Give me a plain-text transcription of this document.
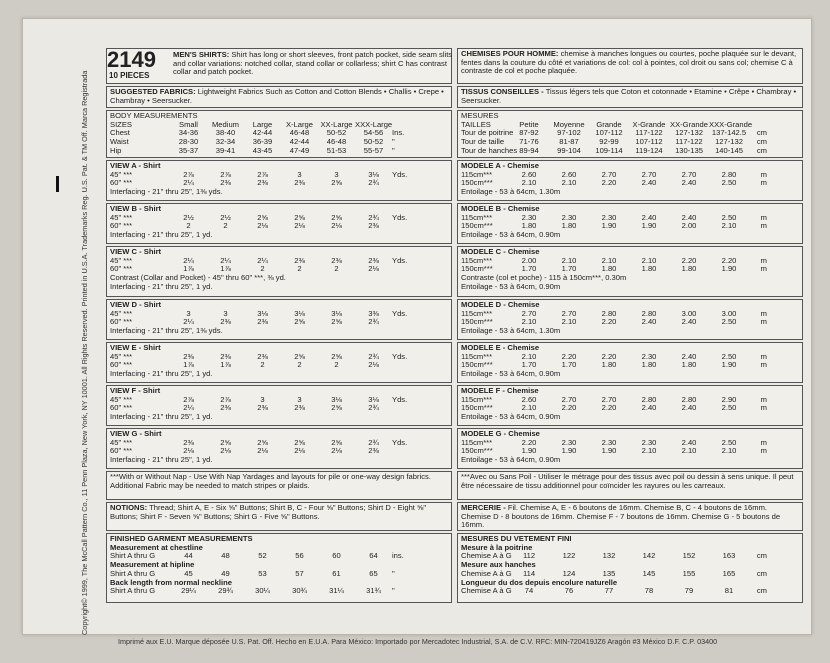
Copyright© 1999, The McCall Pattern Co., 11 Penn Plaza, New York, NY 10001. All Rights Reserved. Printed in U.S.A. Trademarks Reg. U.S. Pat. & TM Off. Marca Registrada
2149
10 PIECES
MEN'S SHIRTS: Shirt has long or short sleeves, front patch pocket, side seam slits and collar variations: notched collar, stand collar or collarless; shirt C has contrast collar and patch pocket.
SUGGESTED FABRICS: Lightweight Fabrics Such as Cotton and Cotton Blends • Challis • Crepe • Chambray • Seersucker.
BODY MEASUREMENTS
SIZES	Small	Medium	Large	X-Large XX-Large XXX-Large
Chest	34-36	38-40	42-44	46-48	50-52	54-56	Ins.
Waist	28-30	32-34	36-39	42-44	46-48	50-52	"
Hip	35-37	39-41	43-45	47-49	51-53	55-57	"
VIEW A - Shirt
45" ***	2⅞	2⅞	2⅞	3	3	3⅛	Yds.
60" ***	2¼	2⅜	2⅜	2⅜	2⅝	2¾
Interfacing - 21" thru 25", 1⅜ yds.
VIEW B - Shirt
45" ***	2½	2½	2⅝	2⅝	2⅝	2¾	Yds.
60" ***	2	2	2⅛	2⅛	2⅛	2⅜
Interfacing - 21" thru 25", 1 yd.
VIEW C - Shirt
45" ***	2¼	2¼	2¼	2⅜	2⅜	2⅜	Yds.
60" ***	1⅞	1⅞	2	2	2	2⅛
Contrast (Collar and Pocket) - 45" thru 60" ***, ⅜ yd.
Interfacing - 21" thru 25", 1 yd.
VIEW D - Shirt
45" ***	3	3	3⅛	3⅛	3⅛	3⅜	Yds.
60" ***	2¼	2⅜	2⅜	2⅝	2⅝	2¾
Interfacing - 21" thru 25", 1⅜ yds.
VIEW E - Shirt
45" ***	2⅜	2⅜	2⅜	2⅝	2⅝	2¾	Yds.
60" ***	1⅞	1⅞	2	2	2	2⅛
Interfacing - 21" thru 25", 1 yd.
VIEW F - Shirt
45" ***	2⅞	2⅞	3	3	3⅛	3⅛	Yds.
60" ***	2¼	2⅜	2⅜	2⅜	2⅝	2¾
Interfacing - 21" thru 25", 1 yd.
VIEW G - Shirt
45" ***	2⅜	2⅝	2⅝	2⅝	2⅝	2¾	Yds.
60" ***	2⅛	2⅛	2⅛	2⅛	2⅛	2⅜
Interfacing - 21" thru 25", 1 yd.
***With or Without Nap - Use With Nap Yardages and layouts for pile or one-way design fabrics. Additional Fabric may be needed to match stripes or plaids.
NOTIONS: Thread; Shirt A, E - Six ⅝" Buttons; Shirt B, C - Four ⅝" Buttons; Shirt D - Eight ⅝" Buttons; Shirt F - Seven ⅝" Buttons; Shirt G - Five ⅝" Buttons.
FINISHED GARMENT MEASUREMENTS
Measurement at chestline
Shirt A thru G	44	48	52	56	60	64	ins.
Measurement at hipline
Shirt A thru G	45	49	53	57	61	65	"
Back length from normal neckline
Shirt A thru G	29¼	29¾	30¼	30¾	31¼	31¾	"
CHEMISES POUR HOMME: chemise à manches longues ou courtes, poche plaquée sur le devant, fentes dans la couture du côté et variations de col: col à pointes, col droit ou sans col; chemise C à contraste de col et poche plaquée.
TISSUS CONSEILLES - Tissus légers tels que Coton et cotonnade • Etamine • Crêpe • Chambray • Seersucker.
MESURES
TAILLES	Petite	Moyenne	Grande	X-Grande XX-Grande XXX-Grande
Tour de poitrine 87-92	97-102	107-112	117-122	127-132	137-142.5	cm
Tour de taille	71-76	81-87	92-99	107-112	117-122	127-132	cm
Tour de hanches 89-94	99-104	109-114	119-124	130-135	140-145	cm
MODELE A - Chemise
115cm***	2.60	2.60	2.70	2.70	2.70	2.80	m
150cm***	2.10	2.10	2.20	2.40	2.40	2.50	m
Entoilage - 53 à 64cm, 1.30m
MODELE B - Chemise
115cm***	2.30	2.30	2.30	2.40	2.40	2.50	m
150cm***	1.80	1.80	1.90	1.90	2.00	2.10	m
Entoilage - 53 à 64cm, 0.90m
MODELE C - Chemise
115cm***	2.00	2.10	2.10	2.10	2.20	2.20	m
150cm***	1.70	1.70	1.80	1.80	1.80	1.90	m
Contraste (col et poche) - 115 à 150cm***, 0.30m
Entoilage - 53 à 64cm, 0.90m
MODELE D - Chemise
115cm***	2.70	2.70	2.80	2.80	3.00	3.00	m
150cm***	2.10	2.10	2.20	2.40	2.40	2.50	m
Entoilage - 53 à 64cm, 1.30m
MODELE E - Chemise
115cm***	2.10	2.20	2.20	2.30	2.40	2.50	m
150cm***	1.70	1.70	1.80	1.80	1.80	1.90	m
Entoilage - 53 à 64cm, 0.90m
MODELE F - Chemise
115cm***	2.60	2.70	2.70	2.80	2.80	2.90	m
150cm***	2.10	2.20	2.20	2.40	2.40	2.50	m
Entoilage - 53 à 64cm, 0.90m
MODELE G - Chemise
115cm***	2.20	2.30	2.30	2.30	2.40	2.50	m
150cm***	1.90	1.90	1.90	2.10	2.10	2.10	m
Entoilage - 53 à 64cm, 0.90m
***Avec ou Sans Poil - Utiliser le métrage pour des tissus avec poil ou dessin à sens unique. Il peut être nécessaire de tissu additionnel pour coïncider les rayures ou les carreaux.
MERCERIE - Fil. Chemise A, E - 6 boutons de 16mm. Chemise B, C - 4 boutons de 16mm. Chemise D - 8 boutons de 16mm. Chemise F - 7 boutons de 16mm. Chemise G - 5 boutons de 16mm.
MESURES DU VETEMENT FINI
Mesure à la poitrine
Chemise A à G	112	122	132	142	152	163	cm
Mesure aux hanches
Chemise A à G	114	124	135	145	155	165	cm
Longueur du dos depuis encolure naturelle
Chemise A à G	74	76	77	78	79	81	cm
Imprimé aux E.U. Marque déposée U.S. Pat. Off. Hecho en E.U.A. Para México: Importado por Mercadotec Industrial, S.A. de C.V. RFC: MIN-720419JZ6 Aragón #3 México D.F. C.P. 03400
